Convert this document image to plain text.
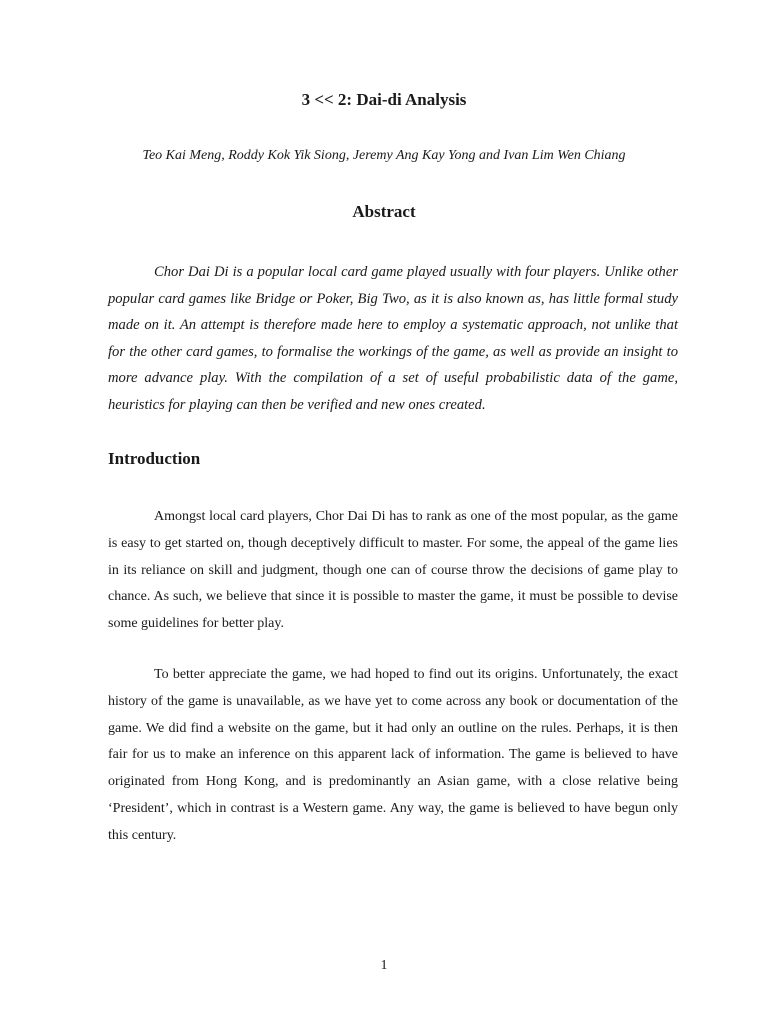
3 << 2: Dai-di Analysis

Teo Kai Meng, Roddy Kok Yik Siong, Jeremy Ang Kay Yong and Ivan Lim Wen Chiang

Abstract

Chor Dai Di is a popular local card game played usually with four players. Unlike other popular card games like Bridge or Poker, Big Two, as it is also known as, has little formal study made on it. An attempt is therefore made here to employ a systematic approach, not unlike that for the other card games, to formalise the workings of the game, as well as provide an insight to more advance play. With the compilation of a set of useful probabilistic data of the game, heuristics for playing can then be verified and new ones created.

Introduction

Amongst local card players, Chor Dai Di has to rank as one of the most popular, as the game is easy to get started on, though deceptively difficult to master. For some, the appeal of the game lies in its reliance on skill and judgment, though one can of course throw the decisions of game play to chance. As such, we believe that since it is possible to master the game, it must be possible to devise some guidelines for better play.

To better appreciate the game, we had hoped to find out its origins. Unfortunately, the exact history of the game is unavailable, as we have yet to come across any book or documentation of the game. We did find a website on the game, but it had only an outline on the rules. Perhaps, it is then fair for us to make an inference on this apparent lack of information. The game is believed to have originated from Hong Kong, and is predominantly an Asian game, with a close relative being ‘President’, which in contrast is a Western game. Any way, the game is believed to have begun only this century.

1
